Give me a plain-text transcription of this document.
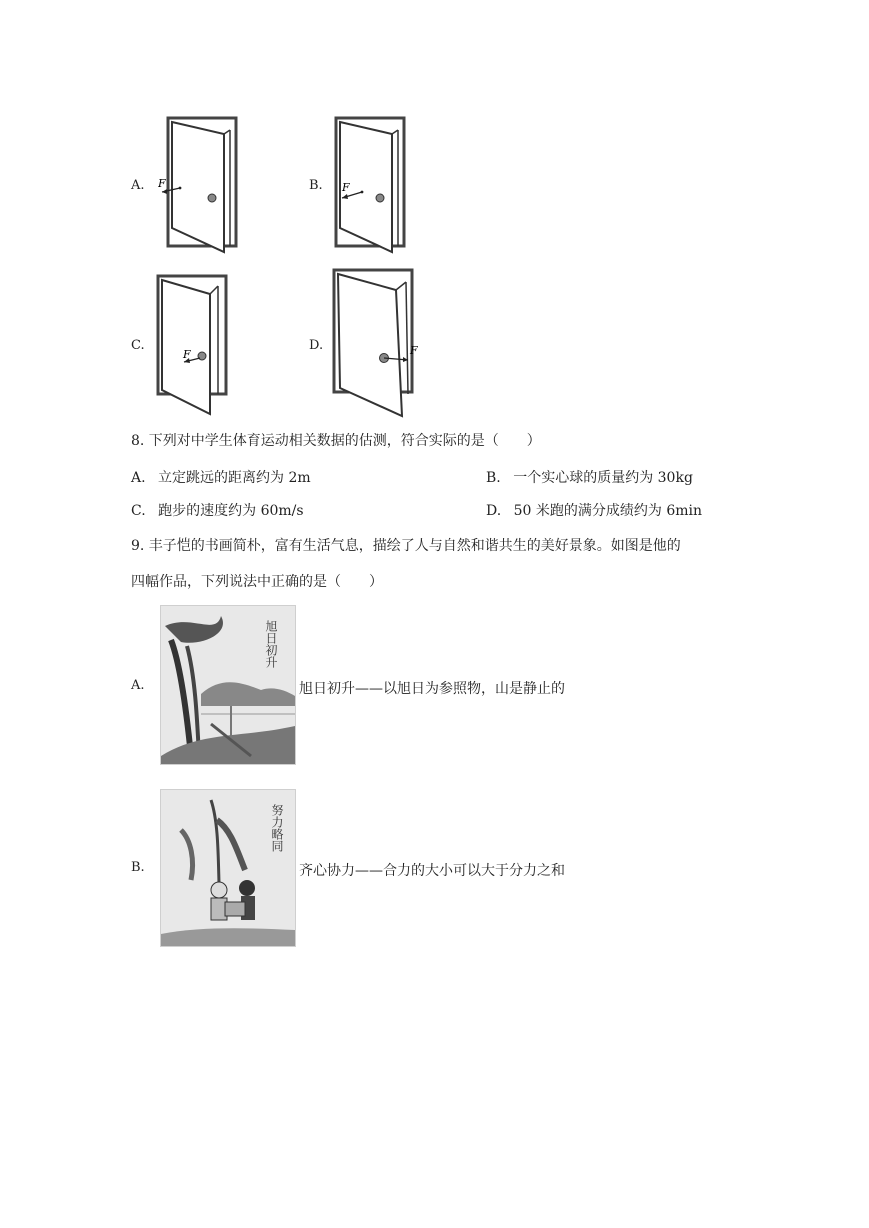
A. F	B. F
C.
F
D.	F
8. 下列对中学生体育运动相关数据的估测，符合实际的是（　　）
A. 立定跳远的距离约为 2m	B. 一个实心球的质量约为 30kg
C. 跑步的速度约为 60m/s	D. 50 米跑的满分成绩约为 6min
9. 丰子恺的书画简朴，富有生活气息，描绘了人与自然和谐共生的美好景象。如图是他的
四幅作品，下列说法中正确的是（　　）
A.
旭日初升
旭日初升——以旭日为参照物，山是静止的
B.
努力略同
齐心协力——合力的大小可以大于分力之和
